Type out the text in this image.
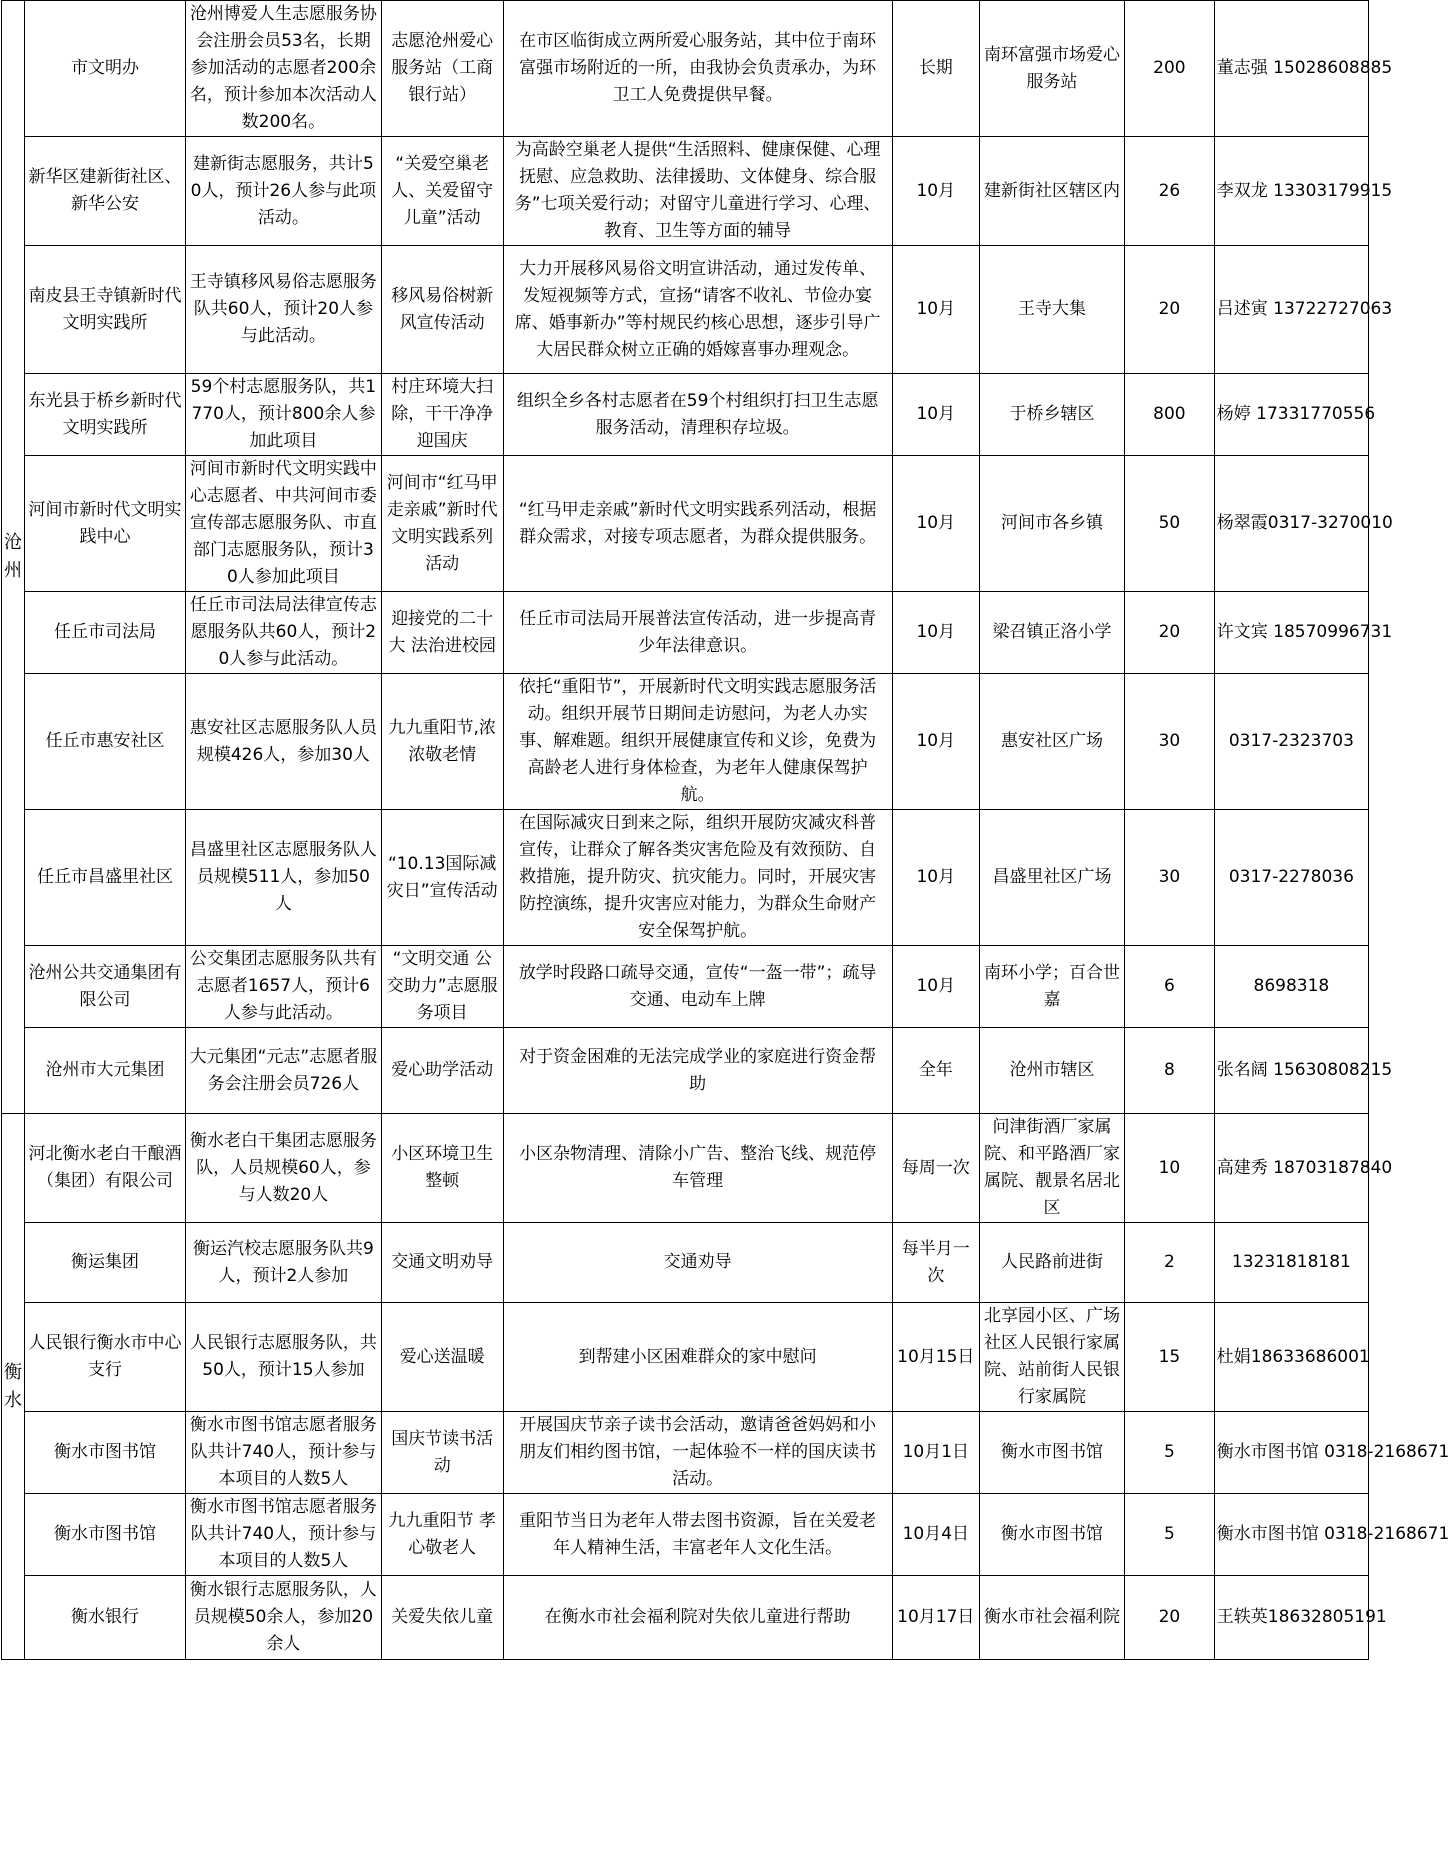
沧
州	市文明办	沧州博爱人生志愿服务协会注册会员53名，长期参加活动的志愿者200余名，预计参加本次活动人数200名。	志愿沧州爱心服务站（工商银行站）	在市区临街成立两所爱心服务站，其中位于南环富强市场附近的一所，由我协会负责承办，为环卫工人免费提供早餐。	长期	南环富强市场爱心服务站	200	董志强 15028608885
	新华区建新街社区、新华公安	建新街志愿服务，共计50人，预计26人参与此项活动。	“关爱空巢老人、关爱留守儿童”活动	为高龄空巢老人提供“生活照料、健康保健、心理抚慰、应急救助、法律援助、文体健身、综合服务”七项关爱行动；对留守儿童进行学习、心理、教育、卫生等方面的辅导	10月	建新街社区辖区内	26	李双龙 13303179915
	南皮县王寺镇新时代文明实践所	王寺镇移风易俗志愿服务队共60人，预计20人参与此活动。	移风易俗树新风宣传活动	大力开展移风易俗文明宣讲活动，通过发传单、发短视频等方式，宣扬“请客不收礼、节俭办宴席、婚事新办”等村规民约核心思想，逐步引导广大居民群众树立正确的婚嫁喜事办理观念。	10月	王寺大集	20	吕述寅 13722727063
	东光县于桥乡新时代文明实践所	59个村志愿服务队，共1770人，预计800余人参加此项目	村庄环境大扫除，干干净净迎国庆	组织全乡各村志愿者在59个村组织打扫卫生志愿服务活动，清理积存垃圾。	10月	于桥乡辖区	800	杨婷 17331770556
	河间市新时代文明实践中心	河间市新时代文明实践中心志愿者、中共河间市委宣传部志愿服务队、市直部门志愿服务队，预计30人参加此项目	河间市“红马甲走亲戚”新时代文明实践系列活动	“红马甲走亲戚”新时代文明实践系列活动，根据群众需求，对接专项志愿者，为群众提供服务。	10月	河间市各乡镇	50	杨翠霞0317-3270010
	任丘市司法局	任丘市司法局法律宣传志愿服务队共60人，预计20人参与此活动。	迎接党的二十大 法治进校园	任丘市司法局开展普法宣传活动，进一步提高青少年法律意识。	10月	梁召镇正洛小学	20	许文宾 18570996731
	任丘市惠安社区	惠安社区志愿服务队人员规模426人，参加30人	九九重阳节,浓浓敬老情	依托“重阳节”，开展新时代文明实践志愿服务活动。组织开展节日期间走访慰问，为老人办实事、解难题。组织开展健康宣传和义诊，免费为高龄老人进行身体检查，为老年人健康保驾护航。	10月	惠安社区广场	30	0317-2323703
	任丘市昌盛里社区	昌盛里社区志愿服务队人员规模511人，参加50人	“10.13国际减灾日”宣传活动	在国际减灾日到来之际，组织开展防灾减灾科普宣传，让群众了解各类灾害危险及有效预防、自救措施，提升防灾、抗灾能力。同时，开展灾害防控演练，提升灾害应对能力，为群众生命财产安全保驾护航。	10月	昌盛里社区广场	30	0317-2278036
	沧州公共交通集团有限公司	公交集团志愿服务队共有志愿者1657人，预计6人参与此活动。	“文明交通 公交助力”志愿服务项目	放学时段路口疏导交通，宣传“一盔一带”；疏导交通、电动车上牌	10月	南环小学；百合世嘉	6	8698318
	沧州市大元集团	大元集团“元志”志愿者服务会注册会员726人	爱心助学活动	对于资金困难的无法完成学业的家庭进行资金帮助	全年	沧州市辖区	8	张名阔 15630808215
衡
水	河北衡水老白干酿酒（集团）有限公司	衡水老白干集团志愿服务队，人员规模60人，参与人数20人	小区环境卫生整顿	小区杂物清理、清除小广告、整治飞线、规范停车管理	每周一次	问津街酒厂家属院、和平路酒厂家属院、靓景名居北区	10	高建秀 18703187840
	衡运集团	衡运汽校志愿服务队共9人，预计2人参加	交通文明劝导	交通劝导	每半月一次	人民路前进街	2	13231818181
	人民银行衡水市中心支行	人民银行志愿服务队，共50人，预计15人参加	爱心送温暖	到帮建小区困难群众的家中慰问	10月15日	北享园小区、广场社区人民银行家属院、站前街人民银行家属院	15	杜娟18633686001
	衡水市图书馆	衡水市图书馆志愿者服务队共计740人，预计参与本项目的人数5人	国庆节读书活动	开展国庆节亲子读书会活动，邀请爸爸妈妈和小朋友们相约图书馆，一起体验不一样的国庆读书活动。	10月1日	衡水市图书馆	5	衡水市图书馆 0318-2168671
	衡水市图书馆	衡水市图书馆志愿者服务队共计740人，预计参与本项目的人数5人	九九重阳节 孝心敬老人	重阳节当日为老年人带去图书资源，旨在关爱老年人精神生活，丰富老年人文化生活。	10月4日	衡水市图书馆	5	衡水市图书馆 0318-2168671
	衡水银行	衡水银行志愿服务队，人员规模50余人，参加20余人	关爱失依儿童	在衡水市社会福利院对失依儿童进行帮助	10月17日	衡水市社会福利院	20	王轶英18632805191
